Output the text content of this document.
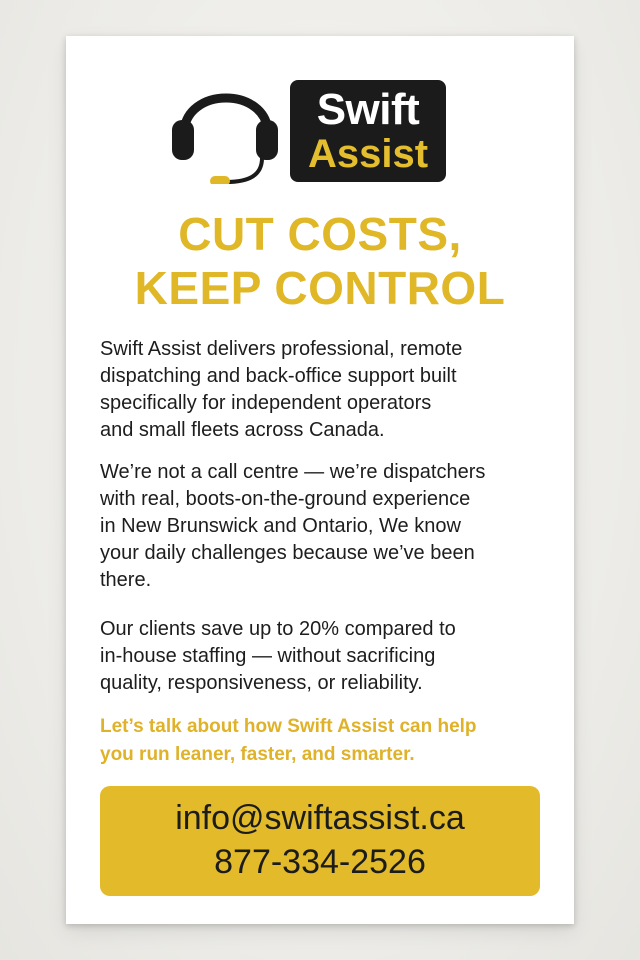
Swift
Assist
CUT COSTS,
KEEP CONTROL
Swift Assist delivers professional, remote
dispatching and back-office support built
specifically for independent operators
and small fleets across Canada.
We’re not a call centre — we’re dispatchers
with real, boots-on-the-ground experience
in New Brunswick and Ontario, We know
your daily challenges because we’ve been
there.
Our clients save up to 20% compared to
in-house staffing — without sacrificing
quality, responsiveness, or reliability.
Let’s talk about how Swift Assist can help
you run leaner, faster, and smarter.
info@swiftassist.ca
877-334-2526
